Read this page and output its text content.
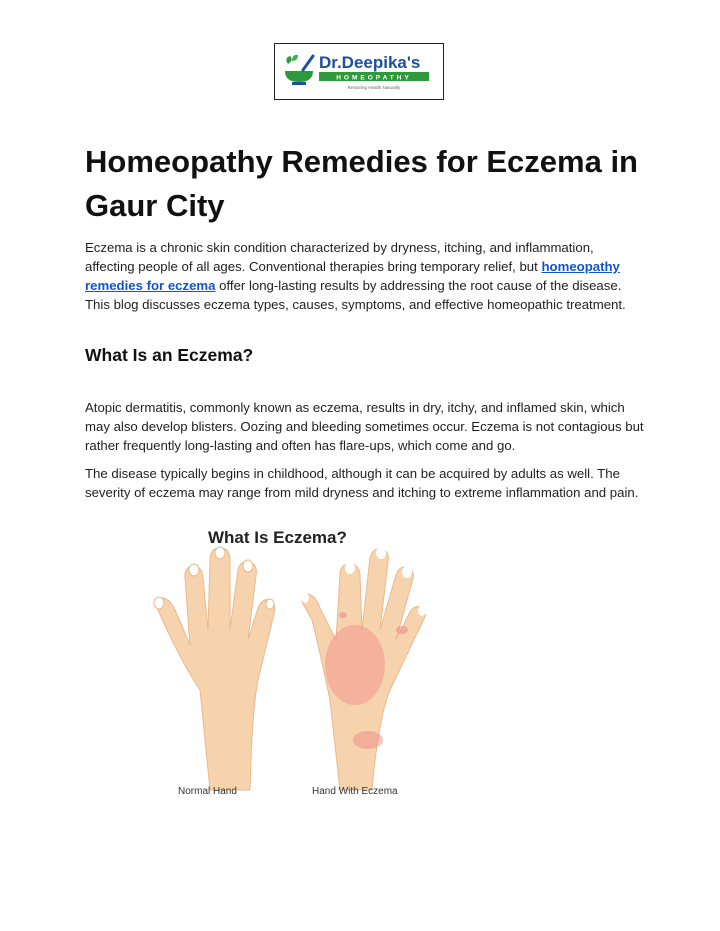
Dr.Deepika's
HOMEOPATHY
Restoring Health Naturally
Homeopathy Remedies for Eczema in Gaur City

Eczema is a chronic skin condition characterized by dryness, itching, and inflammation, affecting people of all ages. Conventional therapies bring temporary relief, but homeopathy remedies for eczema offer long-lasting results by addressing the root cause of the disease. This blog discusses eczema types, causes, symptoms, and effective homeopathic treatment.

What Is an Eczema?

Atopic dermatitis, commonly known as eczema, results in dry, itchy, and inflamed skin, which may also develop blisters. Oozing and bleeding sometimes occur. Eczema is not contagious but rather frequently long-lasting and often has flare-ups, which come and go.

The disease typically begins in childhood, although it can be acquired by adults as well. The severity of eczema may range from mild dryness and itching to extreme inflammation and pain.

What Is Eczema?
Normal Hand	Hand With Eczema
